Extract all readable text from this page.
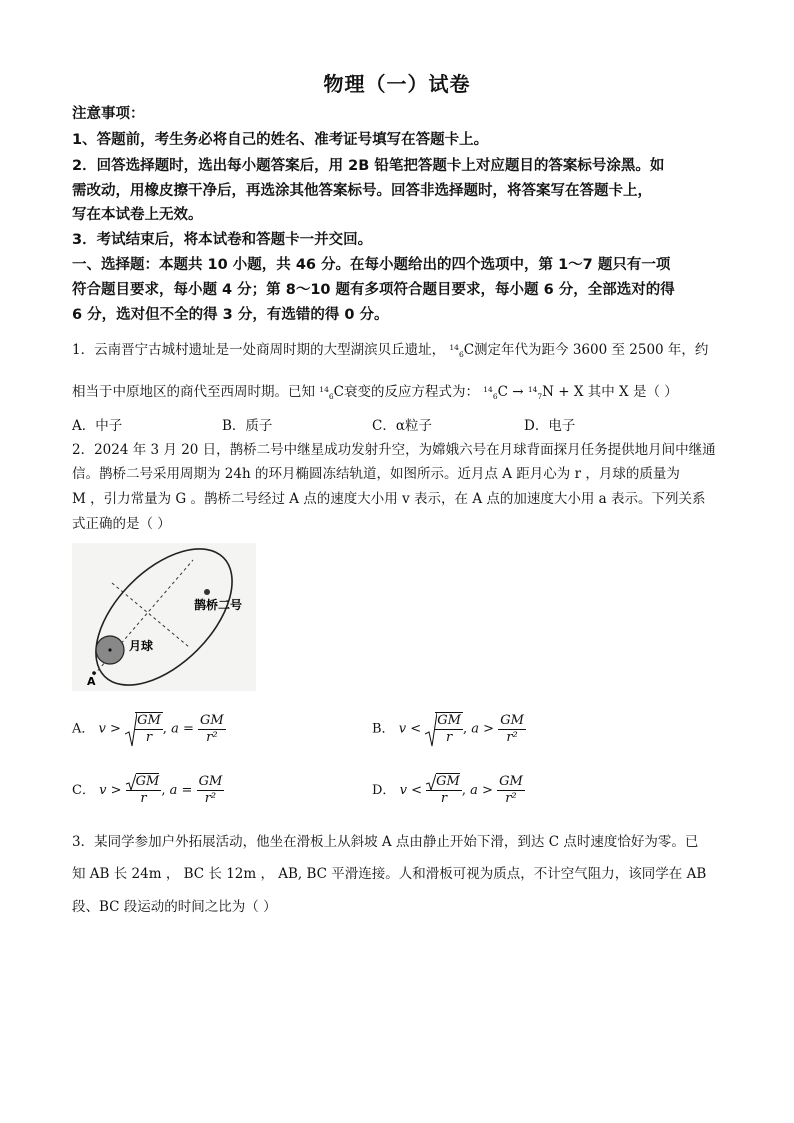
物理（一）试卷
注意事项：
1、答题前，考生务必将自己的姓名、准考证号填写在答题卡上。
2．回答选择题时，选出每小题答案后，用 2B 铅笔把答题卡上对应题目的答案标号涂黑。如
需改动，用橡皮擦干净后，再选涂其他答案标号。回答非选择题时，将答案写在答题卡上，
写在本试卷上无效。
3．考试结束后，将本试卷和答题卡一并交回。
一、选择题：本题共 10 小题，共 46 分。在每小题给出的四个选项中，第 1～7 题只有一项
符合题目要求，每小题 4 分；第 8～10 题有多项符合题目要求，每小题 6 分，全部选对的得
6 分，选对但不全的得 3 分，有选错的得 0 分。
1．云南晋宁古城村遗址是一处商周时期的大型湖滨贝丘遗址， $^{14}_6$C测定年代为距今 3600 至 2500 年，约
相当于中原地区的商代至西周时期。已知 $^{14}_6$C衰变的反应方程式为： $^{14}_6$C → $^{14}_7$N + X 其中 X 是（ ）
A．中子	B．质子	C．α粒子	D．电子
2．2024 年 3 月 20 日，鹊桥二号中继星成功发射升空，为嫦娥六号在月球背面探月任务提供地月间中继通
信。鹊桥二号采用周期为 24h 的环月椭圆冻结轨道，如图所示。近月点 A 距月心为 r ，月球的质量为
M ，引力常量为 G 。鹊桥二号经过 A 点的速度大小用 v 表示，在 A 点的加速度大小用 a 表示。下列关系
式正确的是（ ）
月球
鹊桥二号
A
A． $v > \frac{GM}{r}$ , $a = \frac{GM}{\text{r²}}$	B． $v < \frac{GM}{r}$ , $a > \frac{GM}{\text{r²}}$
C． $v > \frac{GM}{r}$ , $a = \frac{GM}{\text{r²}}$	D． $v < \frac{GM}{r}$ , $a > \frac{GM}{\text{r²}}$
3．某同学参加户外拓展活动，他坐在滑板上从斜坡 A 点由静止开始下滑，到达 C 点时速度恰好为零。已
知 AB 长 24m ， BC 长 12m ， AB, BC 平滑连接。人和滑板可视为质点，不计空气阻力，该同学在 AB
段、BC 段运动的时间之比为（ ）
